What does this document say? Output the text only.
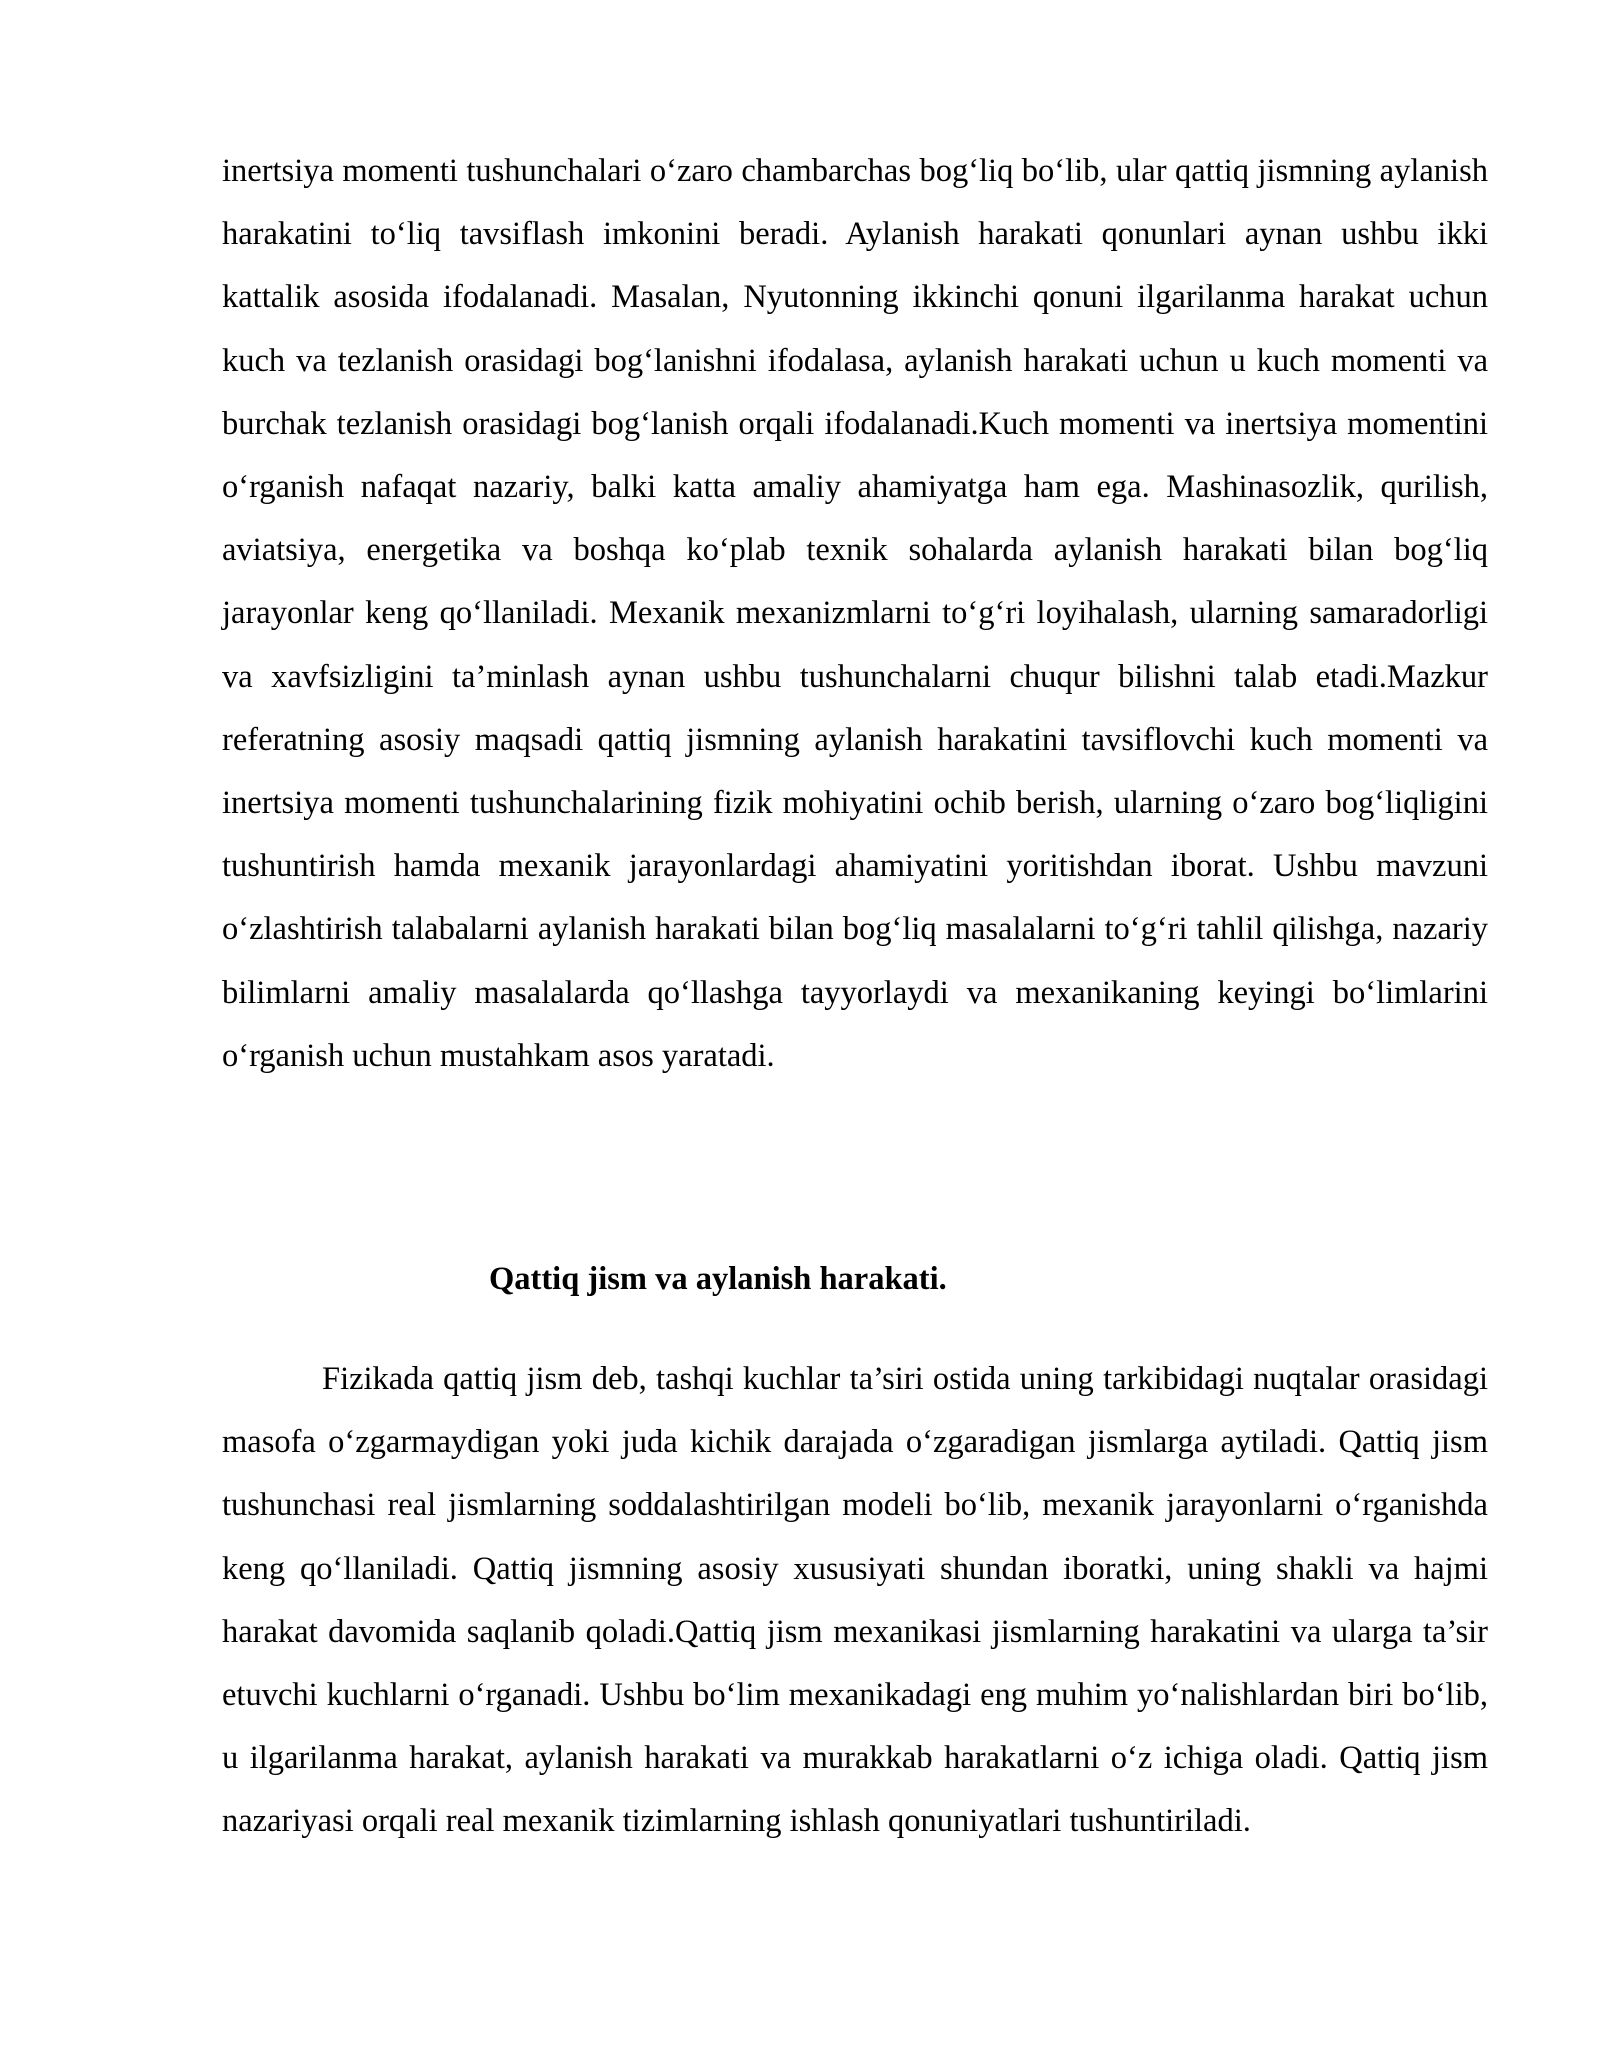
inertsiya momenti tushunchalari o‘zaro chambarchas bog‘liq bo‘lib, ular qattiq jismning aylanish harakatini to‘liq tavsiflash imkonini beradi. Aylanish harakati qonunlari aynan ushbu ikki kattalik asosida ifodalanadi. Masalan, Nyutonning ikkinchi qonuni ilgarilanma harakat uchun kuch va tezlanish orasidagi bog‘lanishni ifodalasa, aylanish harakati uchun u kuch momenti va burchak tezlanish orasidagi bog‘lanish orqali ifodalanadi.Kuch momenti va inertsiya momentini o‘rganish nafaqat nazariy, balki katta amaliy ahamiyatga ham ega. Mashinasozlik, qurilish, aviatsiya, energetika va boshqa ko‘plab texnik sohalarda aylanish harakati bilan bog‘liq jarayonlar keng qo‘llaniladi. Mexanik mexanizmlarni to‘g‘ri loyihalash, ularning samaradorligi va xavfsizligini ta’minlash aynan ushbu tushunchalarni chuqur bilishni talab etadi.Mazkur referatning asosiy maqsadi qattiq jismning aylanish harakatini tavsiflovchi kuch momenti va inertsiya momenti tushunchalarining fizik mohiyatini ochib berish, ularning o‘zaro bog‘liqligini tushuntirish hamda mexanik jarayonlardagi ahamiyatini yoritishdan iborat. Ushbu mavzuni o‘zlashtirish talabalarni aylanish harakati bilan bog‘liq masalalarni to‘g‘ri tahlil qilishga, nazariy bilimlarni amaliy masalalarda qo‘llashga tayyorlaydi va mexanikaning keyingi bo‘limlarini o‘rganish uchun mustahkam asos yaratadi.

Qattiq jism va aylanish harakati.

Fizikada qattiq jism deb, tashqi kuchlar ta’siri ostida uning tarkibidagi nuqtalar orasidagi masofa o‘zgarmaydigan yoki juda kichik darajada o‘zgaradigan jismlarga aytiladi. Qattiq jism tushunchasi real jismlarning soddalashtirilgan modeli bo‘lib, mexanik jarayonlarni o‘rganishda keng qo‘llaniladi. Qattiq jismning asosiy xususiyati shundan iboratki, uning shakli va hajmi harakat davomida saqlanib qoladi.Qattiq jism mexanikasi jismlarning harakatini va ularga ta’sir etuvchi kuchlarni o‘rganadi. Ushbu bo‘lim mexanikadagi eng muhim yo‘nalishlardan biri bo‘lib, u ilgarilanma harakat, aylanish harakati va murakkab harakatlarni o‘z ichiga oladi. Qattiq jism nazariyasi orqali real mexanik tizimlarning ishlash qonuniyatlari tushuntiriladi.
